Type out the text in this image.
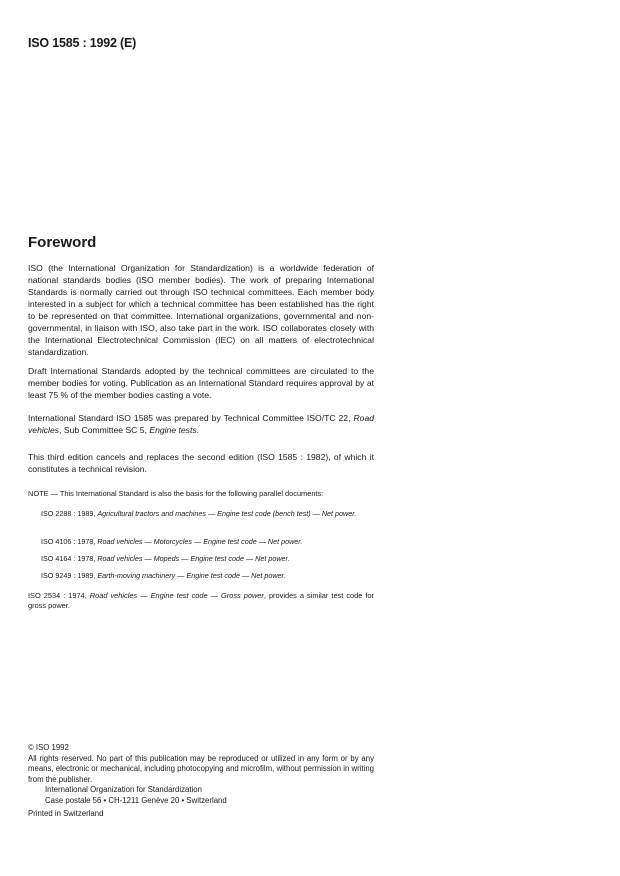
ISO 1585 : 1992 (E)
Foreword

ISO (the International Organization for Standardization) is a worldwide federation of national standards bodies (ISO member bodies). The work of preparing International Standards is normally carried out through ISO technical committees. Each member body interested in a subject for which a technical committee has been established has the right to be represented on that committee. International organizations, governmental and non-governmental, in liaison with ISO, also take part in the work. ISO collaborates closely with the International Electrotechnical Commission (IEC) on all matters of electrotechnical standardization.

Draft International Standards adopted by the technical committees are circulated to the member bodies for voting. Publication as an International Standard requires approval by at least 75 % of the member bodies casting a vote.

International Standard ISO 1585 was prepared by Technical Committee ISO/TC 22, Road vehicles, Sub Committee SC 5, Engine tests.

This third edition cancels and replaces the second edition (ISO 1585 : 1982), of which it constitutes a technical revision.

NOTE — This International Standard is also the basis for the following parallel documents:

ISO 2288 : 1989, Agricultural tractors and machines — Engine test code (bench test) — Net power.

ISO 4106 : 1978, Road vehicles — Motorcycles — Engine test code — Net power.

ISO 4164 : 1978, Road vehicles — Mopeds — Engine test code — Net power.

ISO 9249 : 1989, Earth-moving machinery — Engine test code — Net power.

ISO 2534 : 1974, Road vehicles — Engine test code — Gross power, provides a similar test code for gross power.

© ISO 1992
All rights reserved. No part of this publication may be reproduced or utilized in any form or by any means, electronic or mechanical, including photocopying and microfilm, without permission in writing from the publisher.
International Organization for Standardization
Case postale 56 • CH-1211 Genève 20 • Switzerland
Printed in Switzerland
